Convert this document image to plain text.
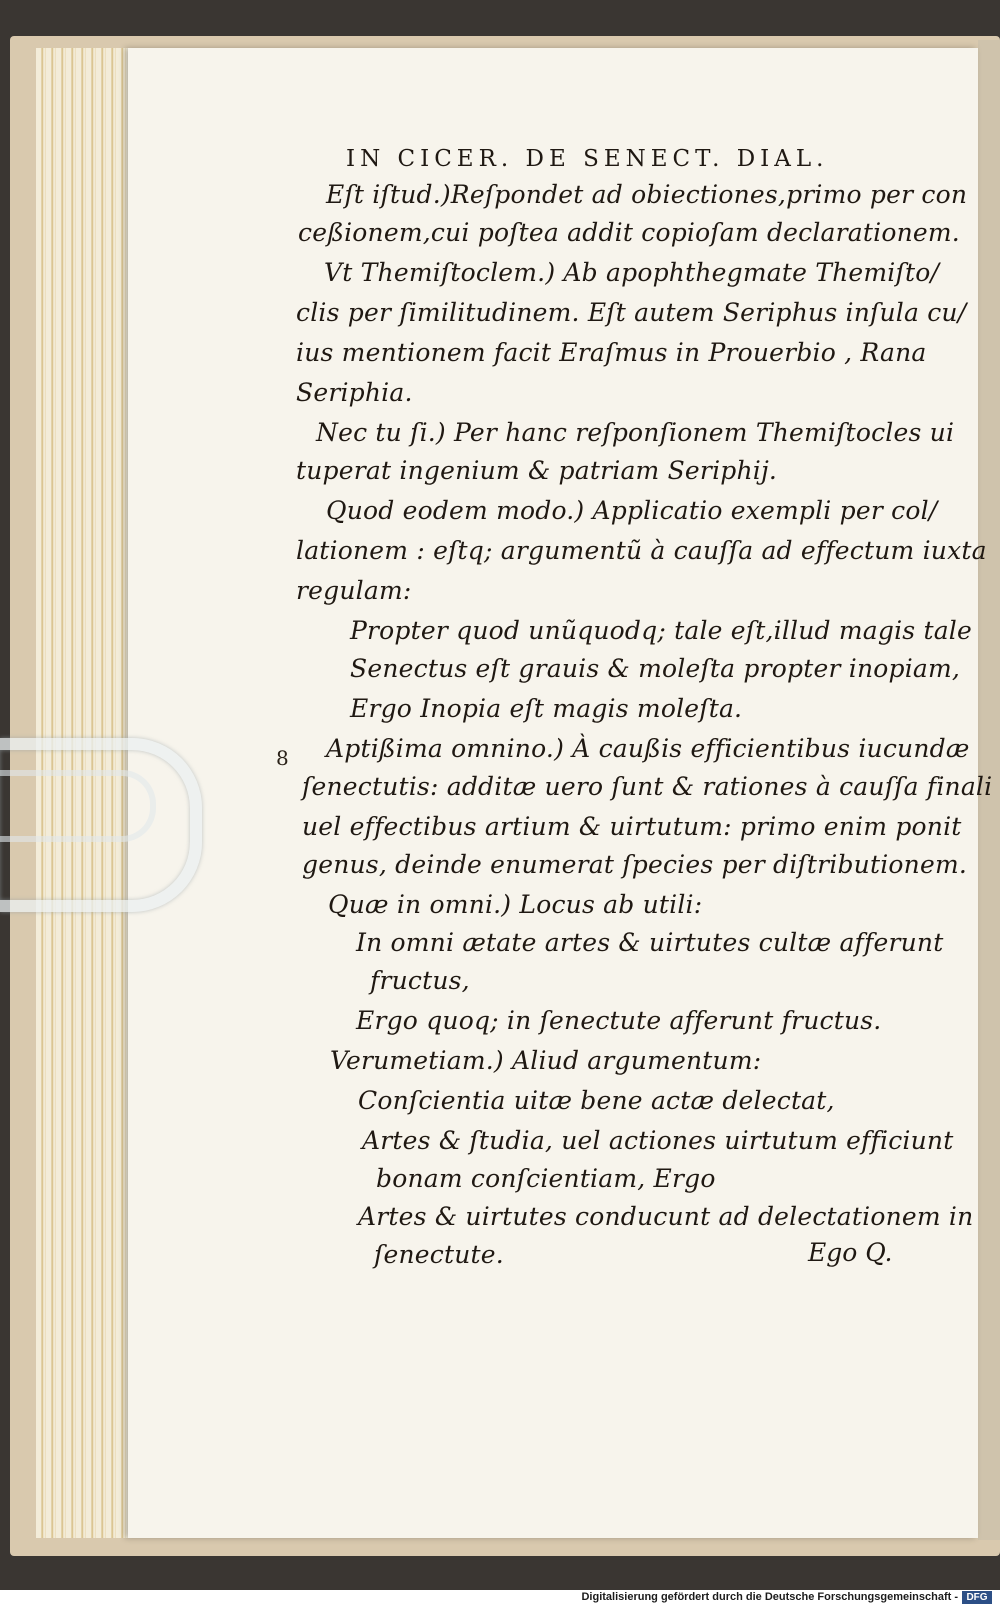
IN CICER. DE SENECT. DIAL.
8
Eſt iſtud.)Reſpondet ad obiectiones,primo per con
ceßionem,cui poſtea addit copioſam declarationem.
Vt Themiſtoclem.) Ab apophthegmate Themiſto/
clis per ſimilitudinem. Eſt autem Seriphus inſula cu/
ius mentionem facit Eraſmus in Prouerbio , Rana
Seriphia.
Nec tu ſi.) Per hanc reſponſionem Themiſtocles ui
tuperat ingenium & patriam Seriphij.
Quod eodem modo.) Applicatio exempli per col/
lationem : eſtq; argumentũ à cauſſa ad effectum iuxta
regulam:
Propter quod unũquodq; tale eſt,illud magis tale
Senectus eſt grauis & moleſta propter inopiam,
Ergo Inopia eſt magis moleſta.
Aptißima omnino.) À caußis efficientibus iucundæ
ſenectutis: additæ uero ſunt & rationes à cauſſa finali
uel effectibus artium & uirtutum: primo enim ponit
genus, deinde enumerat ſpecies per diſtributionem.
Quæ in omni.) Locus ab utili:
In omni ætate artes & uirtutes cultæ afferunt
fructus,
Ergo quoq; in ſenectute afferunt fructus.
Verumetiam.) Aliud argumentum:
Conſcientia uitæ bene actæ delectat,
Artes & ſtudia, uel actiones uirtutum efficiunt
bonam conſcientiam, Ergo
Artes & uirtutes conducunt ad delectationem in
ſenectute.	Ego Q.
Digitalisierung gefördert durch die Deutsche Forschungsgemeinschaft - DFG
